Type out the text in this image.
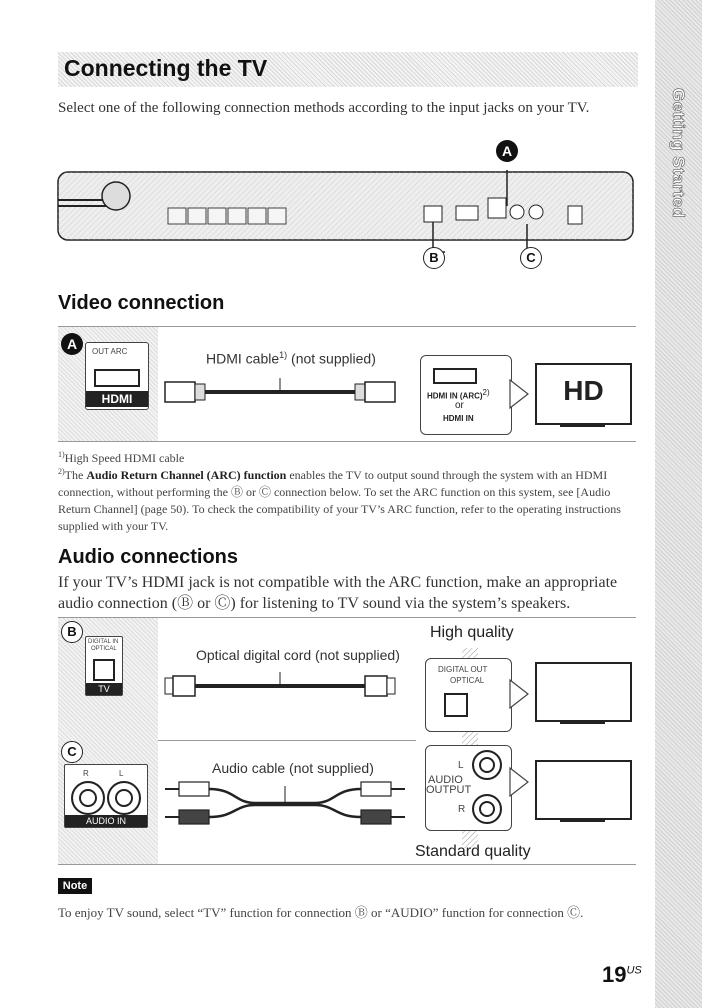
Getting Started
Connecting the TV
Select one of the following connection methods according to the input jacks on your TV.
A
B	C
Video connection
A	OUT ARC
HDMI
HDMI cable$^{1)}$ (not supplied)
HDMI IN (ARC)$^{2)}$
or
HDMI IN
HD
$^{1)}$High Speed HDMI cable
$^{2)}$The Audio Return Channel (ARC) function enables the TV to output sound through the system with an HDMI connection, without performing the Ⓑ or Ⓒ connection below. To set the ARC function on this system, see [Audio Return Channel] (page 50). To check the compatibility of your TV’s ARC function, refer to the operating instructions supplied with your TV.
Audio connections
If your TV’s HDMI jack is not compatible with the ARC function, make an appropriate audio connection (Ⓑ or Ⓒ) for listening to TV sound via the system’s speakers.
High quality
B
DIGITAL IN
OPTICAL
TV
Optical digital cord (not supplied)
DIGITAL OUT
OPTICAL
C
R	L
AUDIO IN
Audio cable (not supplied)	L
AUDIO
OUTPUT
R
Standard quality
Note
To enjoy TV sound, select “TV” function for connection Ⓑ or “AUDIO” function for connection Ⓒ.
$19^{US}$
